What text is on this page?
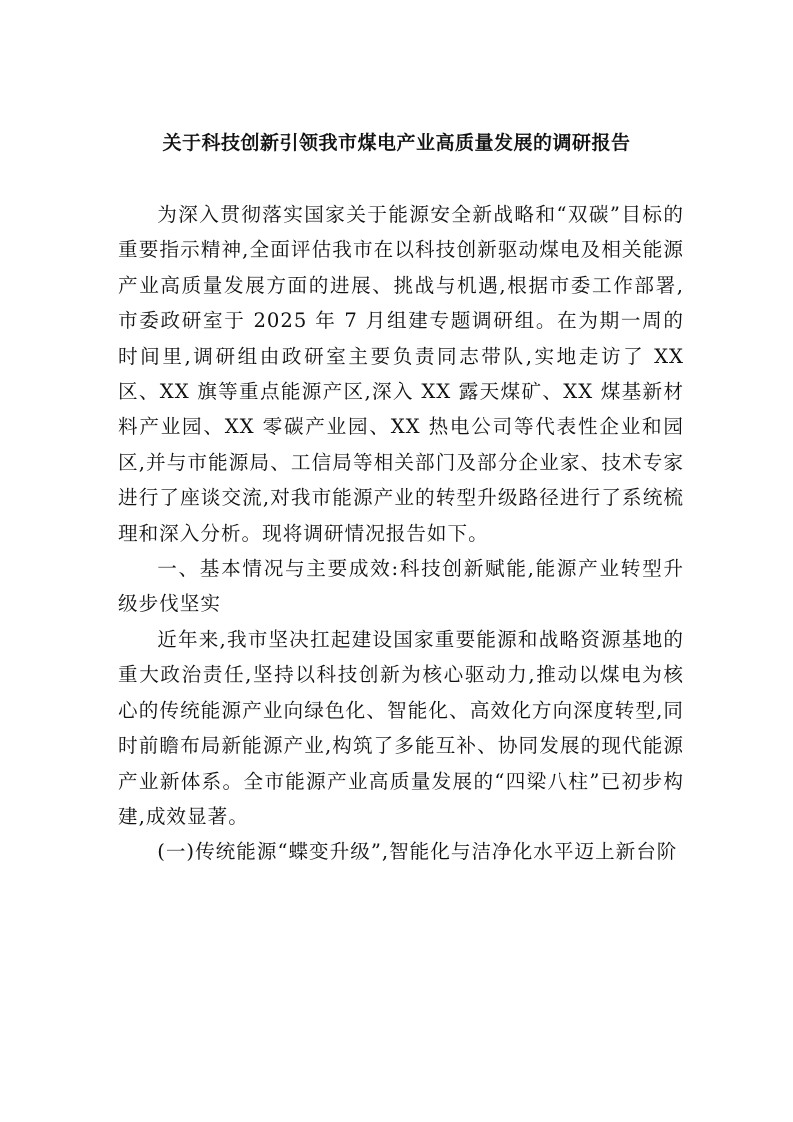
关于科技创新引领我市煤电产业高质量发展的调研报告

为深入贯彻落实国家关于能源安全新战略和“双碳”目标的重要指示精神,全面评估我市在以科技创新驱动煤电及相关能源产业高质量发展方面的进展、挑战与机遇,根据市委工作部署,市委政研室于 2025 年 7 月组建专题调研组。在为期一周的时间里,调研组由政研室主要负责同志带队,实地走访了 XX 区、XX 旗等重点能源产区,深入 XX 露天煤矿、XX 煤基新材料产业园、XX 零碳产业园、XX 热电公司等代表性企业和园区,并与市能源局、工信局等相关部门及部分企业家、技术专家进行了座谈交流,对我市能源产业的转型升级路径进行了系统梳理和深入分析。现将调研情况报告如下。

一、基本情况与主要成效:科技创新赋能,能源产业转型升级步伐坚实

近年来,我市坚决扛起建设国家重要能源和战略资源基地的重大政治责任,坚持以科技创新为核心驱动力,推动以煤电为核心的传统能源产业向绿色化、智能化、高效化方向深度转型,同时前瞻布局新能源产业,构筑了多能互补、协同发展的现代能源产业新体系。全市能源产业高质量发展的“四梁八柱”已初步构建,成效显著。

(一)传统能源“蝶变升级”,智能化与洁净化水平迈上新台阶
